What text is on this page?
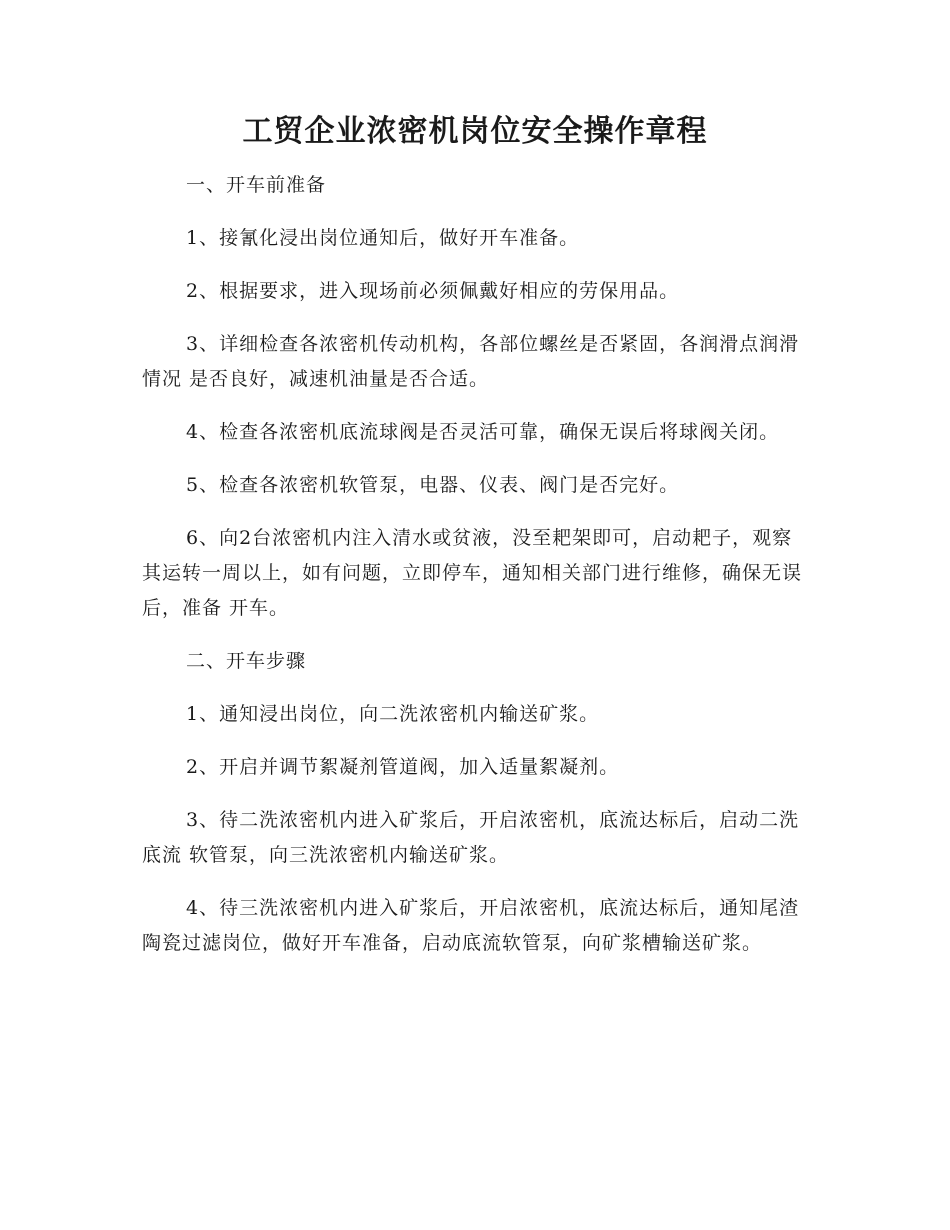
工贸企业浓密机岗位安全操作章程

一、开车前准备

1、接氰化浸出岗位通知后，做好开车准备。

2、根据要求，进入现场前必须佩戴好相应的劳保用品。

3、详细检查各浓密机传动机构，各部位螺丝是否紧固，各润滑点润滑情况 是否良好，减速机油量是否合适。

4、检查各浓密机底流球阀是否灵活可靠，确保无误后将球阀关闭。

5、检查各浓密机软管泵，电器、仪表、阀门是否完好。

6、向2台浓密机内注入清水或贫液，没至耙架即可，启动耙子，观察其运转一周以上，如有问题，立即停车，通知相关部门进行维修，确保无误后，准备 开车。

二、开车步骤

1、通知浸出岗位，向二洗浓密机内输送矿浆。

2、开启并调节絮凝剂管道阀，加入适量絮凝剂。

3、待二洗浓密机内进入矿浆后，开启浓密机，底流达标后，启动二洗底流 软管泵，向三洗浓密机内输送矿浆。

4、待三洗浓密机内进入矿浆后，开启浓密机，底流达标后，通知尾渣陶瓷过滤岗位，做好开车准备，启动底流软管泵，向矿浆槽输送矿浆。
